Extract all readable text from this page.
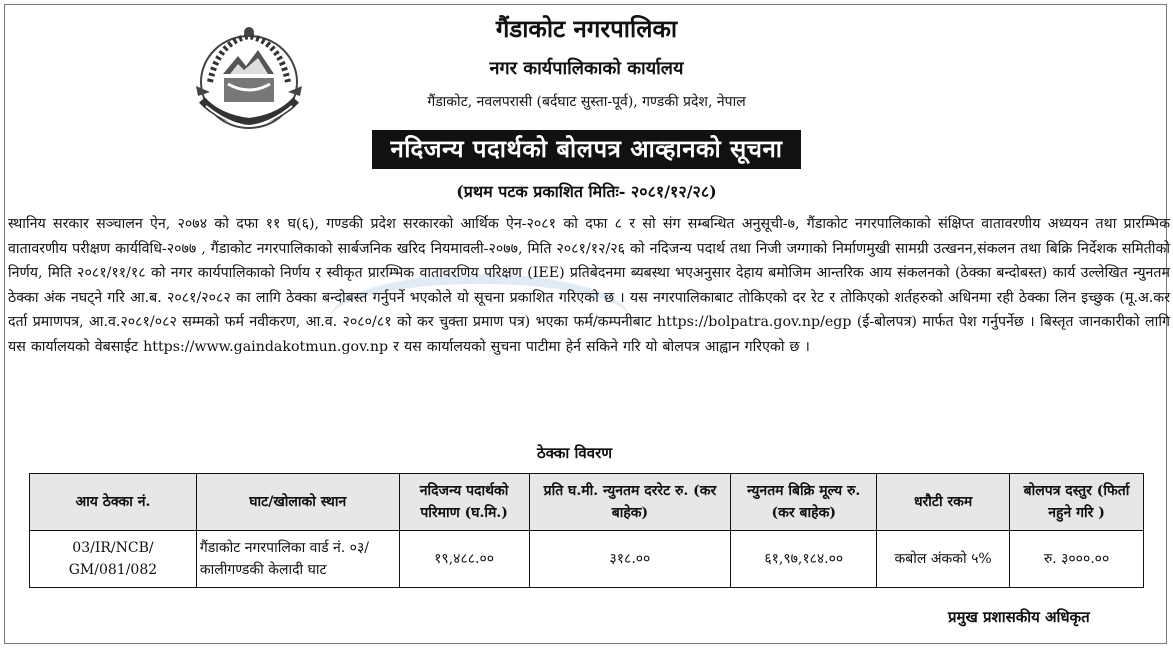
गैंडाकोट नगरपालिका
नगर कार्यपालिकाको कार्यालय
गैंडाकोट, नवलपरासी (बर्दघाट सुस्ता-पूर्व), गण्डकी प्रदेश, नेपाल
नदिजन्य पदार्थको बोलपत्र आव्हानको सूचना
(प्रथम पटक प्रकाशित मितिः- २०८१/१२/२८)
स्थानिय सरकार सञ्चालन ऐन, २०७४ को दफा ११ घ(६), गण्डकी प्रदेश सरकारको आर्थिक ऐन-२०८१ को दफा ८ र सो संग सम्बन्धित अनुसूची-७, गैंडाकोट नगरपालिकाको संक्षिप्त वातावरणीय अध्ययन तथा प्रारम्भिक वातावरणीय परीक्षण कार्यविधि-२०७७ , गैंडाकोट नगरपालिकाको सार्बजनिक खरिद नियमावली-२०७७, मिति २०८१/१२/२६ को नदिजन्य पदार्थ तथा निजी जग्गाको निर्माणमुखी सामग्री उत्खनन,संकलन तथा बिक्रि निर्देशक समितीको निर्णय, मिति २०८१/११/१८ को नगर कार्यपालिकाको निर्णय र स्वीकृत प्रारम्भिक वातावरणिय परिक्षण (IEE) प्रतिबेदनमा ब्यबस्था भएअनुसार देहाय बमोजिम आन्तरिक आय संकलनको (ठेक्का बन्दोबस्त) कार्य उल्लेखित न्युनतम ठेक्का अंक नघट्ने गरि आ.ब. २०८१/२०८२ का लागि ठेक्का बन्दोबस्त गर्नुपर्ने भएकोले यो सूचना प्रकाशित गरिएको छ । यस नगरपालिकाबाट तोकिएको दर रेट र तोकिएको शर्तहरुको अधिनमा रही ठेक्का लिन इच्छुक (मू.अ.कर दर्ता प्रमाणपत्र, आ.व.२०८१/०८२ सम्मको फर्म नवीकरण, आ.व. २०८०/८१ को कर चुक्ता प्रमाण पत्र) भएका फर्म/कम्पनीबाट https://bolpatra.gov.np/egp (ई-बोलपत्र) मार्फत पेश गर्नुपर्नेछ । बिस्तृत जानकारीको लागि यस कार्यालयको वेबसाईट https://www.gaindakotmun.gov.np र यस कार्यालयको सुचना पाटीमा हेर्न सकिने गरि यो बोलपत्र आह्वान गरिएको छ ।
ठेक्का विवरण
आय ठेक्का नं.	घाट/खोलाको स्थान	नदिजन्य पदार्थको परिमाण (घ.मि.)	प्रति घ.मी. न्युनतम दररेट रु. (कर बाहेक)	न्युनतम बिक्रि मूल्य रु. (कर बाहेक)	धरौटी रकम	बोलपत्र दस्तुर (फिर्ता नहुने गरि )
03/IR/NCB/ GM/081/082	गैंडाकोट नगरपालिका वार्ड नं. ०३/ कालीगण्डकी केलादी घाट	१९,४८८.००	३१८.००	६१,९७,१८४.००	कबोल अंकको ५%	रु. ३०००.००
प्रमुख प्रशासकीय अधिकृत
